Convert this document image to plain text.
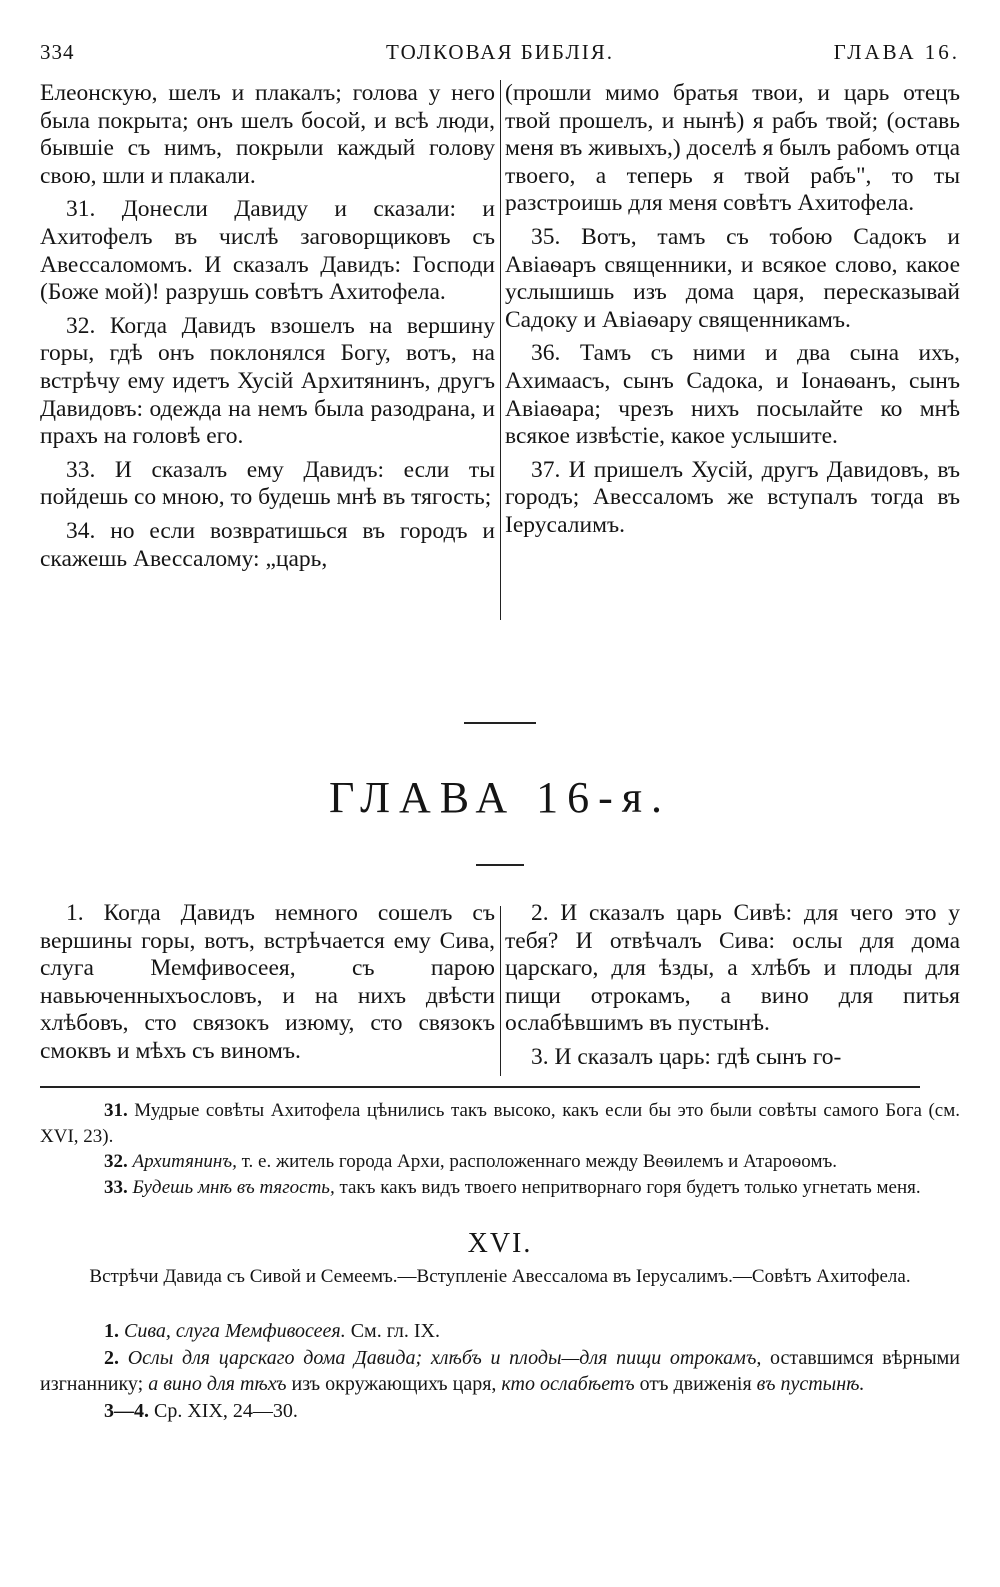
334	ТОЛКОВАЯ БИБЛІЯ.	ГЛАВА 16.

Елеонскую, шелъ и плакалъ; голова у него была покрыта; онъ шелъ босой, и всѣ люди, бывшіе съ нимъ, покрыли каждый голову свою, шли и плакали.

31. Донесли Давиду и сказали: и Ахитофелъ въ числѣ заговорщиковъ съ Авессаломомъ. И сказалъ Давидъ: Господи (Боже мой)! разрушь совѣтъ Ахитофела.

32. Когда Давидъ взошелъ на вершину горы, гдѣ онъ поклонялся Богу, вотъ, на встрѣчу ему идетъ Хусій Архитянинъ, другъ Давидовъ: одежда на немъ была разодрана, и прахъ на головѣ его.

33. И сказалъ ему Давидъ: если ты пойдешь со мною, то будешь мнѣ въ тягость;

34. но если возвратишься въ городъ и скажешь Авессалому: „царь,

(прошли мимо братья твои, и царь отецъ твой прошелъ, и нынѣ) я рабъ твой; (оставь меня въ живыхъ,) доселѣ я былъ рабомъ отца твоего, а теперь я твой рабъ", то ты разстроишь для меня совѣтъ Ахитофела.

35. Вотъ, тамъ съ тобою Садокъ и Авіаѳаръ священники, и всякое слово, какое услышишь изъ дома царя, пересказывай Садоку и Авіаѳару священникамъ.

36. Тамъ съ ними и два сына ихъ, Ахимаасъ, сынъ Садока, и Іонаѳанъ, сынъ Авіаѳара; чрезъ нихъ посылайте ко мнѣ всякое извѣстіе, какое услышите.

37. И пришелъ Хусій, другъ Давидовъ, въ городъ; Авессаломъ же вступалъ тогда въ Іерусалимъ.

ГЛАВА 16-я.

1. Когда Давидъ немного сошелъ съ вершины горы, вотъ, встрѣчается ему Сива, слуга Мемфивосеея, съ парою навьюченныхъословъ, и на нихъ двѣсти хлѣбовъ, сто связокъ изюму, сто связокъ смоквъ и мѣхъ съ виномъ.

2. И сказалъ царь Сивѣ: для чего это у тебя? И отвѣчалъ Сива: ослы для дома царскаго, для ѣзды, а хлѣбъ и плоды для пищи отрокамъ, а вино для питья ослабѣвшимъ въ пустынѣ.

3. И сказалъ царь: гдѣ сынъ го-

31. Мудрые совѣты Ахитофела цѣнились такъ высоко, какъ если бы это были совѣты самого Бога (см. XVI, 23).

32. Архитянинъ, т. е. житель города Архи, расположеннаго между Веѳилемъ и Атароѳомъ.

33. Будешь мнѣ въ тягость, такъ какъ видъ твоего непритворнаго горя будетъ только угнетать меня.

XVI.
Встрѣчи Давида съ Сивой и Семеемъ.—Вступленіе Авессалома въ Іерусалимъ.—Совѣтъ Ахитофела.

1. Сива, слуга Мемфивосеея. См. гл. IX.

2. Ослы для царскаго дома Давида; хлѣбъ и плоды—для пищи отрокамъ, оставшимся вѣрными изгнаннику; а вино для тѣхъ изъ окружающихъ царя, кто ослабѣетъ отъ движенія въ пустынѣ.

3—4. Ср. XIX, 24—30.
